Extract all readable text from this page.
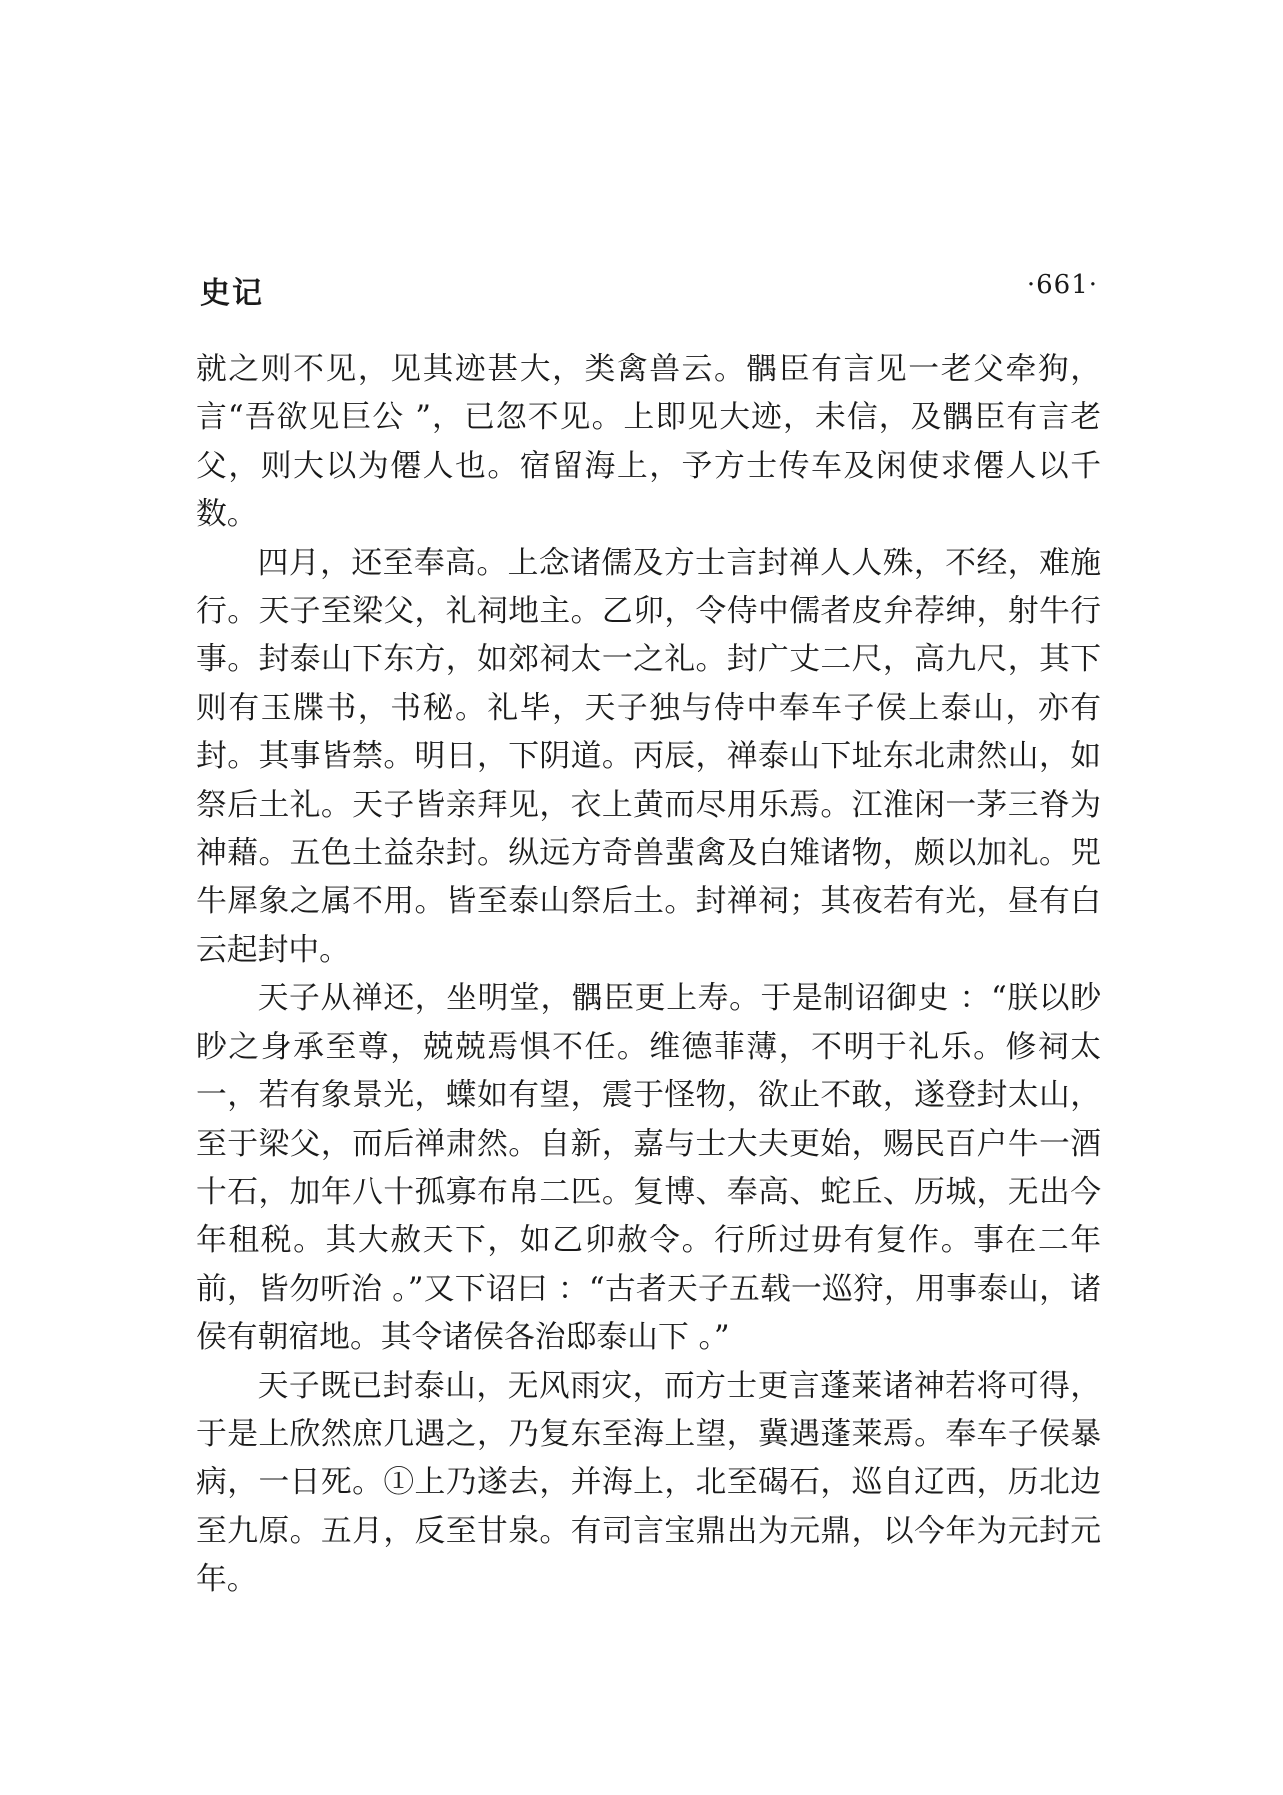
史记	·661·

就之则不见，见其迹甚大，类禽兽云。髃臣有言见一老父牵狗，言“吾欲见巨公 ”，已忽不见。上即见大迹，未信，及髃臣有言老父，则大以为僊人也。宿留海上，予方士传车及闲使求僊人以千数。

四月，还至奉高。上念诸儒及方士言封禅人人殊，不经，难施行。天子至梁父，礼祠地主。乙卯，令侍中儒者皮弁荐绅，射牛行事。封泰山下东方，如郊祠太一之礼。封广丈二尺，高九尺，其下则有玉牒书，书秘。礼毕，天子独与侍中奉车子侯上泰山，亦有封。其事皆禁。明日，下阴道。丙辰，禅泰山下址东北肃然山，如祭后土礼。天子皆亲拜见，衣上黄而尽用乐焉。江淮闲一茅三脊为神藉。五色土益杂封。纵远方奇兽蜚禽及白雉诸物，颇以加礼。兕牛犀象之属不用。皆至泰山祭后土。封禅祠；其夜若有光，昼有白云起封中。

天子从禅还，坐明堂，髃臣更上寿。于是制诏御史 ：“朕以眇眇之身承至尊，兢兢焉惧不任。维德菲薄，不明于礼乐。修祠太一，若有象景光，蠂如有望，震于怪物，欲止不敢，遂登封太山，至于梁父，而后禅肃然。自新，嘉与士大夫更始，赐民百户牛一酒十石，加年八十孤寡布帛二匹。复博、奉高、蛇丘、历城，无出今年租税。其大赦天下，如乙卯赦令。行所过毋有复作。事在二年前，皆勿听治 。”又下诏曰 ：“古者天子五载一巡狩，用事泰山，诸侯有朝宿地。其令诸侯各治邸泰山下 。”

天子既已封泰山，无风雨灾，而方士更言蓬莱诸神若将可得，于是上欣然庶几遇之，乃复东至海上望，冀遇蓬莱焉。奉车子侯暴病，一日死。①上乃遂去，并海上，北至碣石，巡自辽西，历北边至九原。五月，反至甘泉。有司言宝鼎出为元鼎，以今年为元封元年。
